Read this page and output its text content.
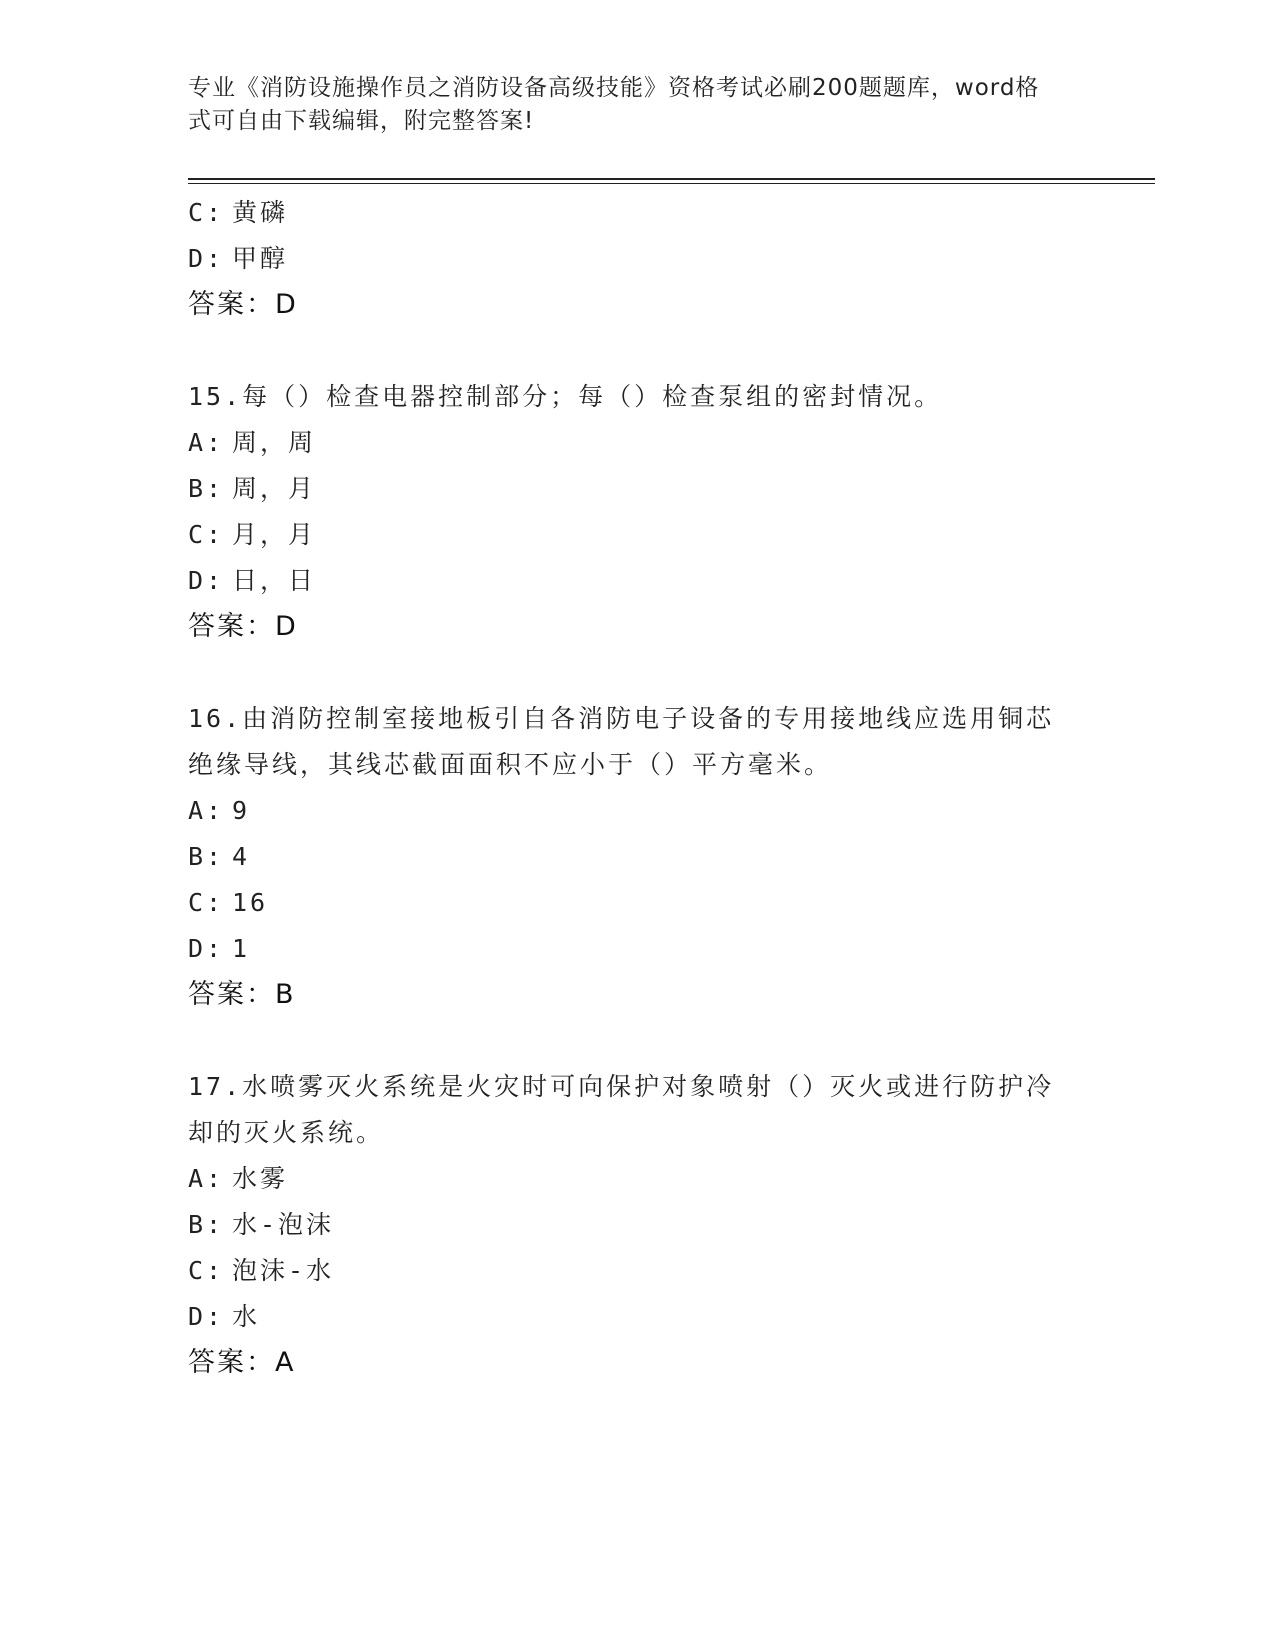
专业《消防设施操作员之消防设备高级技能》资格考试必刷200题题库，word格
式可自由下载编辑，附完整答案!
C: 黄磷
D: 甲醇
答案：D
15.每（）检查电器控制部分；每（）检查泵组的密封情况。
A: 周，周
B: 周，月
C: 月，月
D: 日，日
答案：D
16.由消防控制室接地板引自各消防电子设备的专用接地线应选用铜芯
绝缘导线，其线芯截面面积不应小于（）平方毫米。
A: 9
B: 4
C: 16
D: 1
答案：B
17.水喷雾灭火系统是火灾时可向保护对象喷射（）灭火或进行防护冷
却的灭火系统。
A: 水雾
B: 水-泡沫
C: 泡沫-水
D: 水
答案：A
